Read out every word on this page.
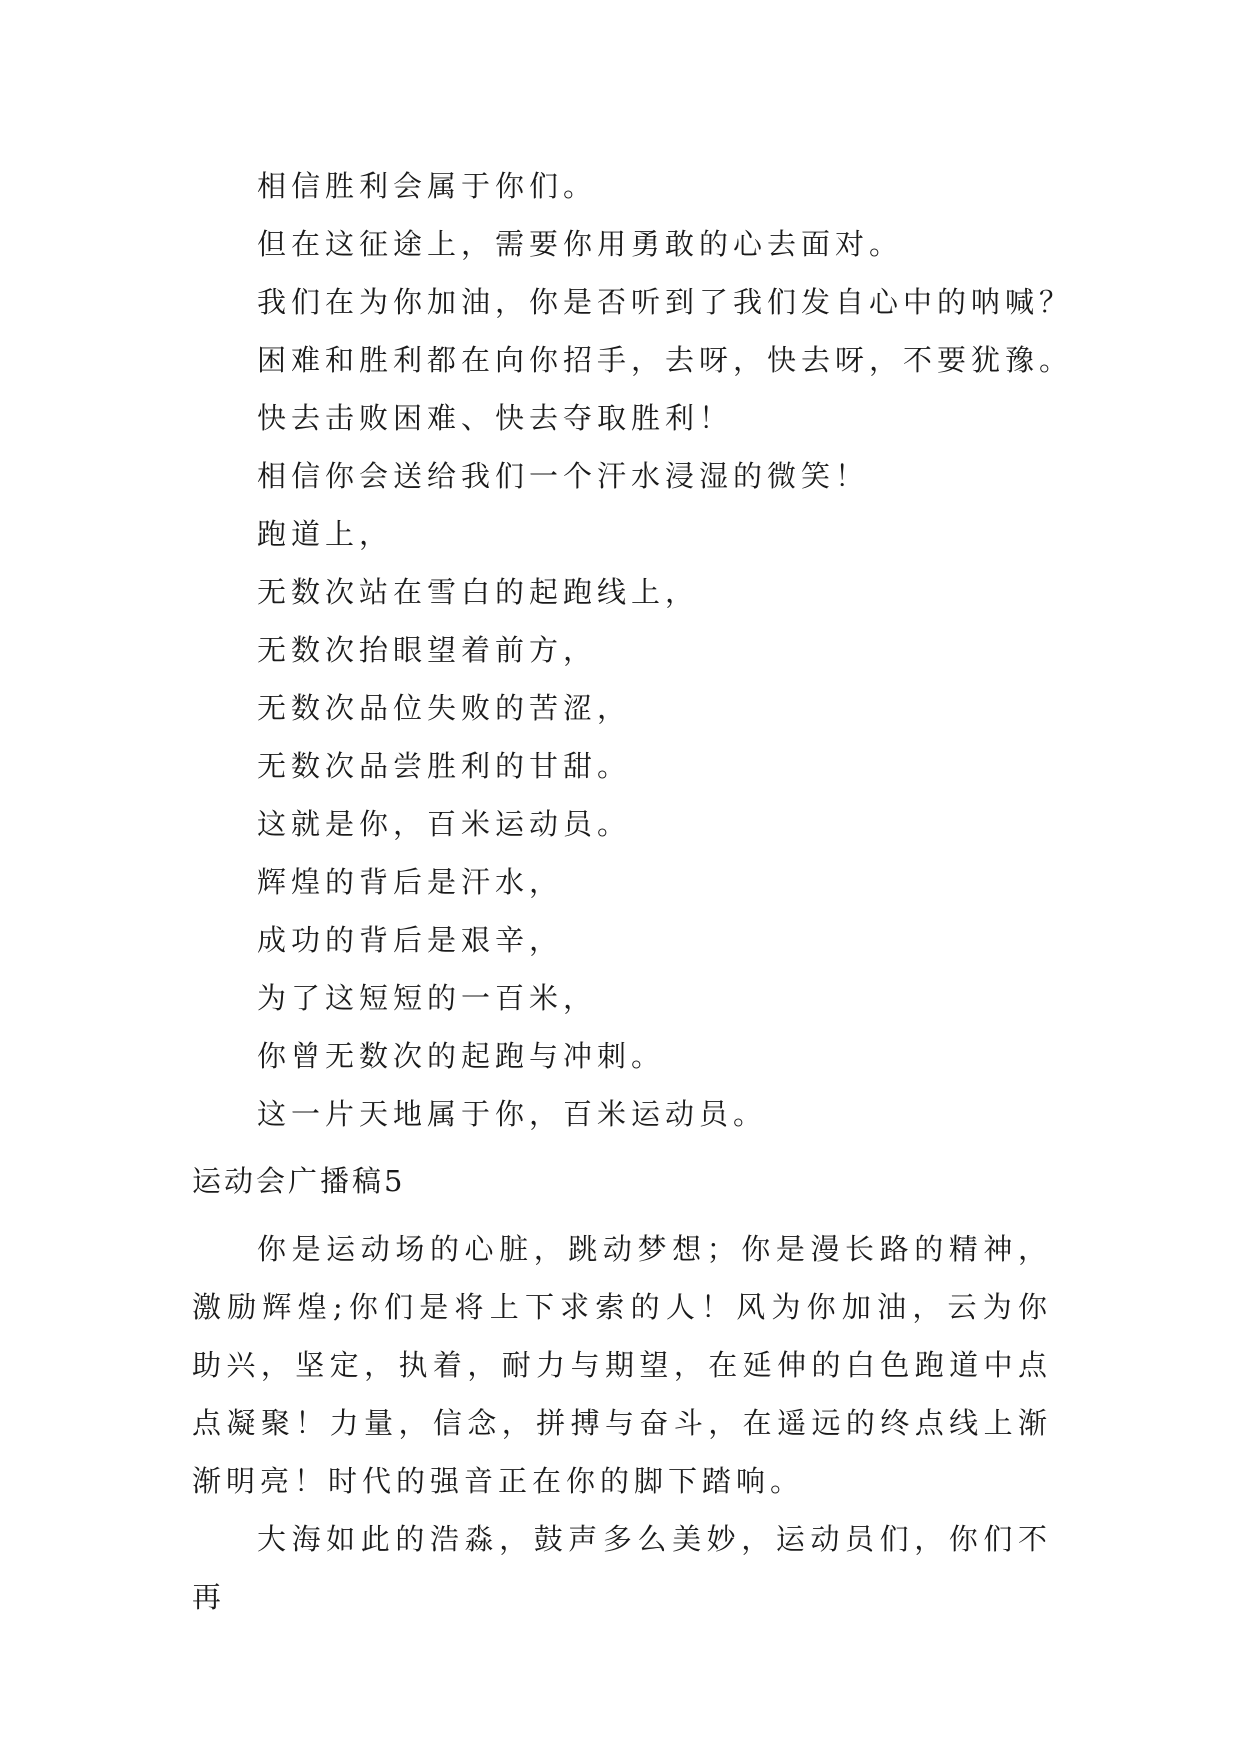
相信胜利会属于你们。
但在这征途上，需要你用勇敢的心去面对。
我们在为你加油，你是否听到了我们发自心中的呐喊？
困难和胜利都在向你招手，去呀，快去呀，不要犹豫。
快去击败困难、快去夺取胜利！
相信你会送给我们一个汗水浸湿的微笑！
跑道上，
无数次站在雪白的起跑线上，
无数次抬眼望着前方，
无数次品位失败的苦涩，
无数次品尝胜利的甘甜。
这就是你，百米运动员。
辉煌的背后是汗水，
成功的背后是艰辛，
为了这短短的一百米，
你曾无数次的起跑与冲刺。
这一片天地属于你，百米运动员。
运动会广播稿5

你是运动场的心脏，跳动梦想；你是漫长路的精神，激励辉煌;你们是将上下求索的人！风为你加油，云为你助兴，坚定，执着，耐力与期望，在延伸的白色跑道中点点凝聚！力量，信念，拼搏与奋斗，在遥远的终点线上渐渐明亮！时代的强音正在你的脚下踏响。

大海如此的浩淼，鼓声多么美妙，运动员们，你们不再
